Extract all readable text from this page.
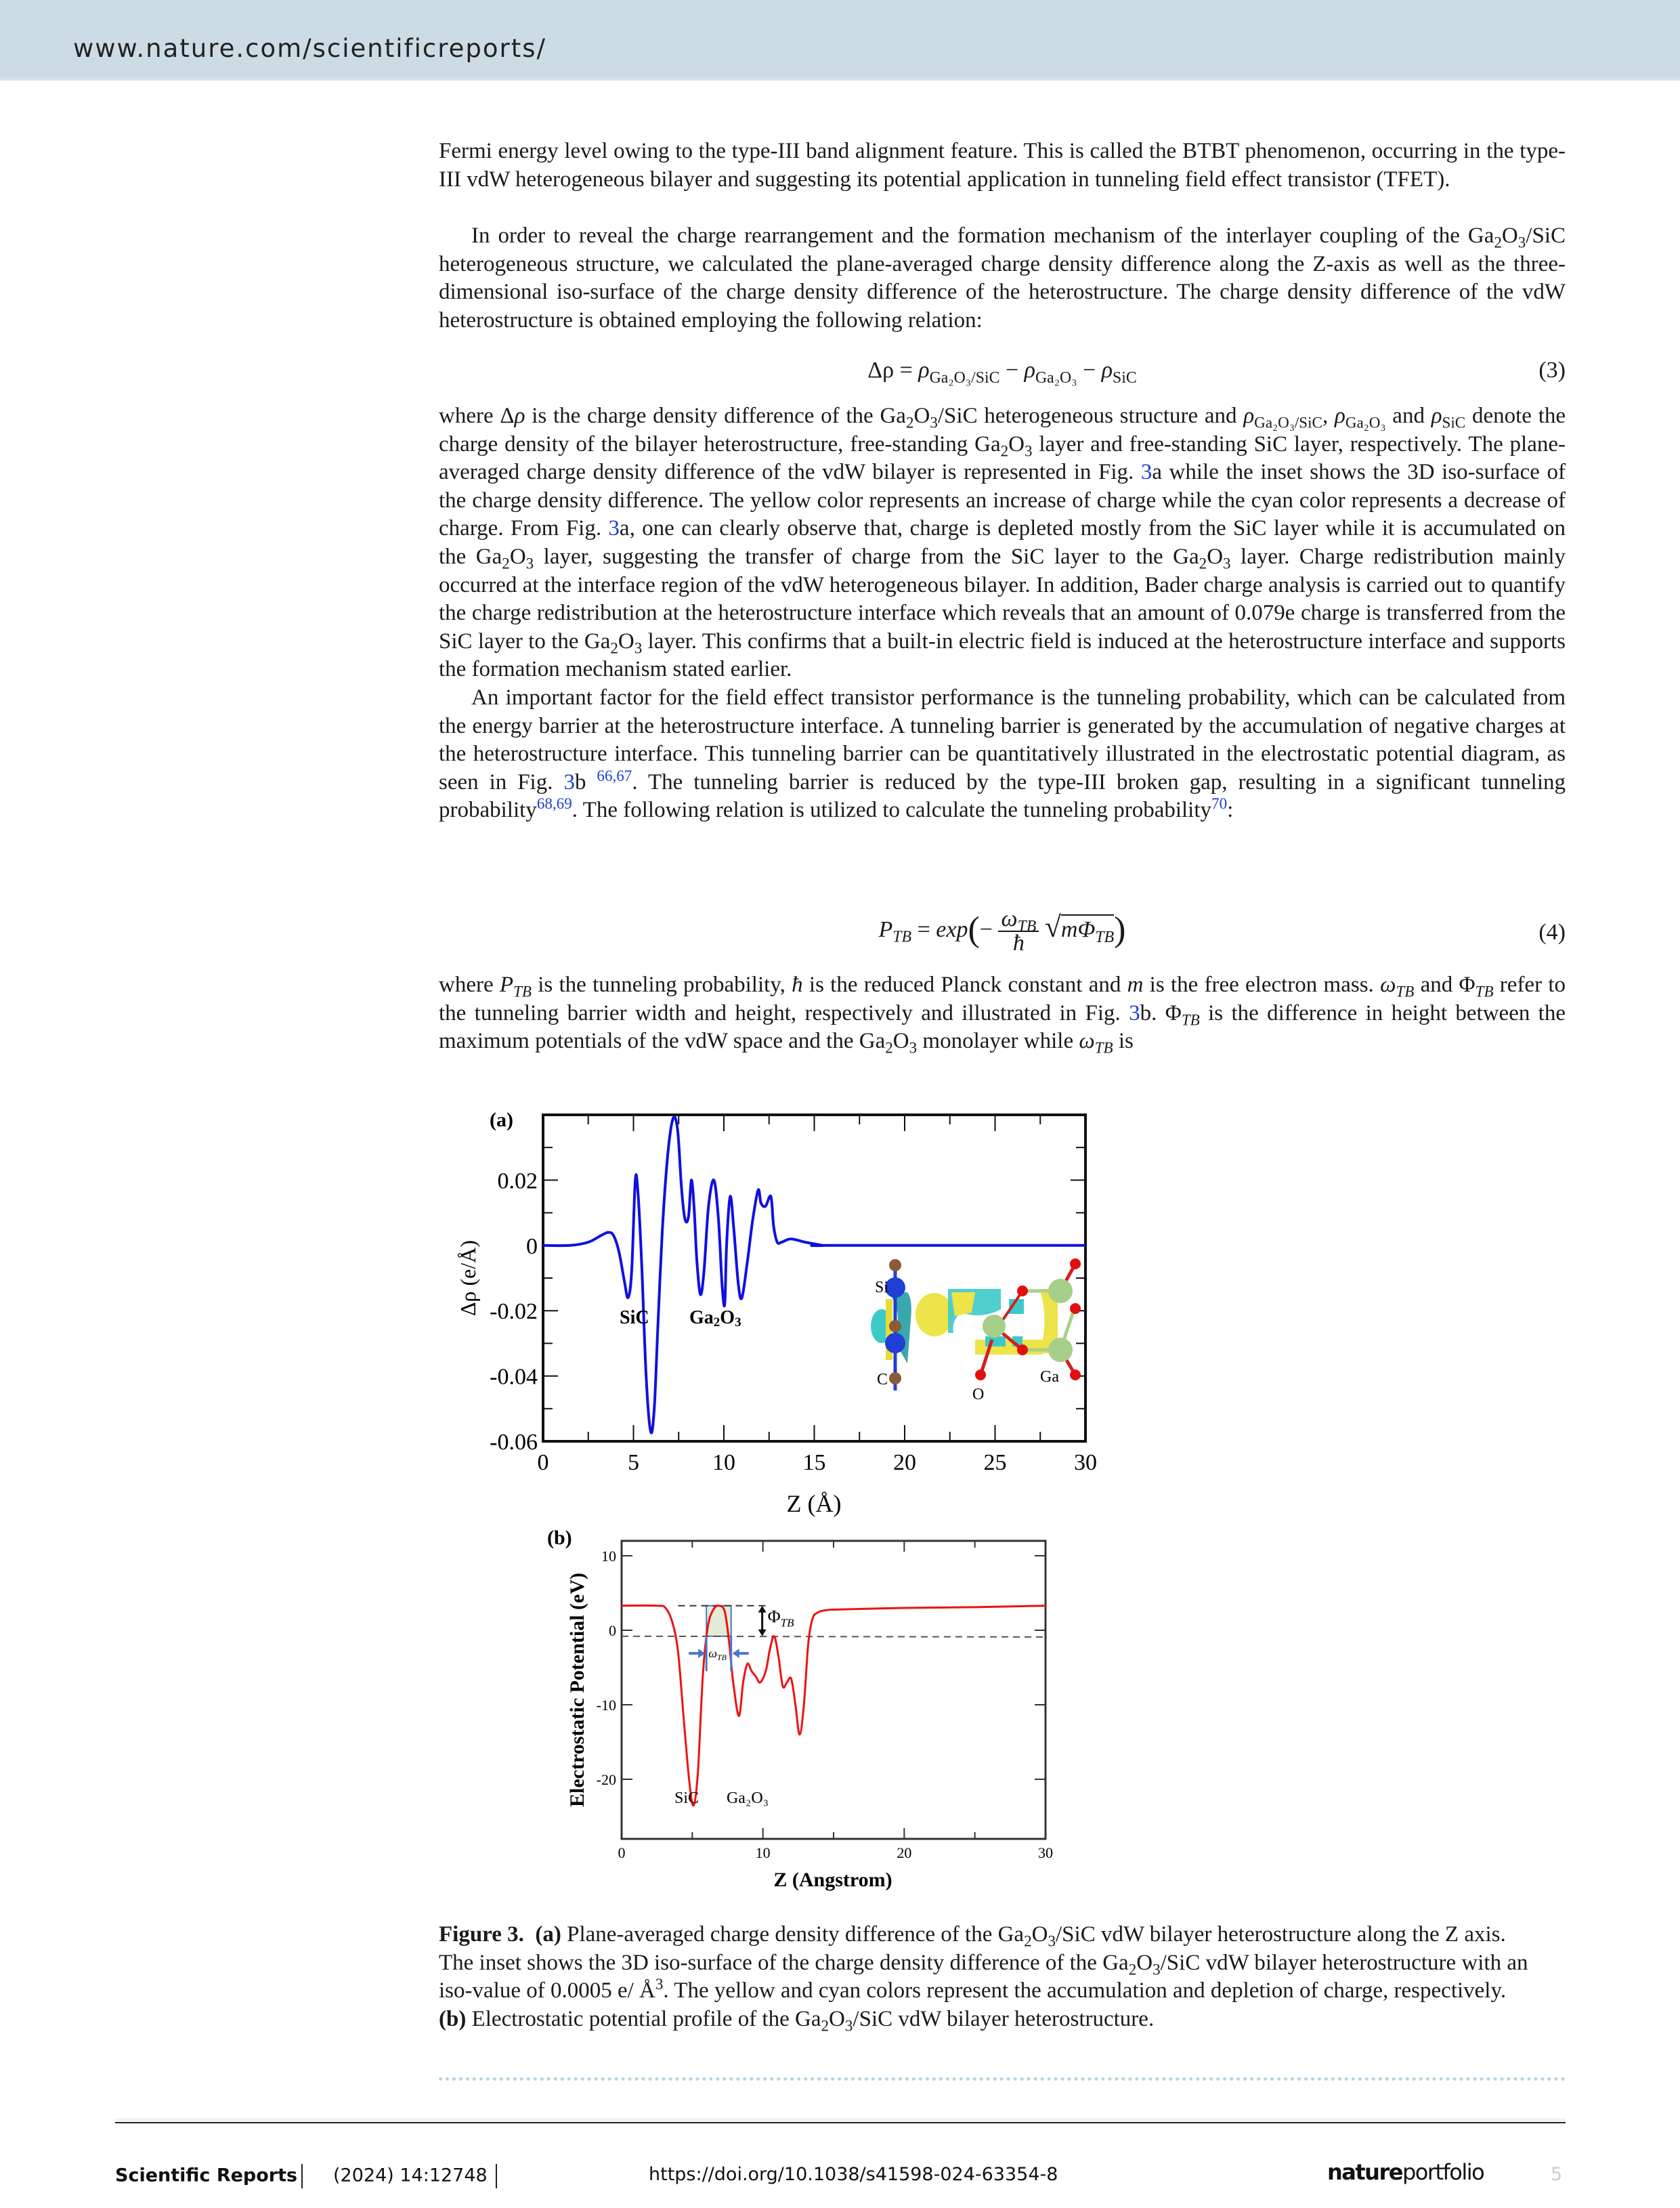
www.nature.com/scientificreports/

Fermi energy level owing to the type-III band alignment feature. This is called the BTBT phenomenon, occurring in the type-III vdW heterogeneous bilayer and suggesting its potential application in tunneling field effect transistor (TFET).

In order to reveal the charge rearrangement and the formation mechanism of the interlayer coupling of the $Ga_2O_3$/SiC heterogeneous structure, we calculated the plane-averaged charge density difference along the Z-axis as well as the three-dimensional iso-surface of the charge density difference of the heterostructure. The charge density difference of the vdW heterostructure is obtained employing the following relation:

$\Delta\rho = \rho_{Ga_2O_3/SiC} - \rho_{Ga_2O_3} - \rho_{SiC}$	(3)

where Δρ is the charge density difference of the $Ga_2O_3$/SiC heterogeneous structure and $\rho_{Ga_2O_3/SiC}$, $\rho_{Ga_2O_3}$ and $\rho_{SiC}$ denote the charge density of the bilayer heterostructure, free-standing $Ga_2O_3$ layer and free-standing SiC layer, respectively. The plane-averaged charge density difference of the vdW bilayer is represented in Fig. 3a while the inset shows the 3D iso-surface of the charge density difference. The yellow color represents an increase of charge while the cyan color represents a decrease of charge. From Fig. 3a, one can clearly observe that, charge is depleted mostly from the SiC layer while it is accumulated on the $Ga_2O_3$ layer, suggesting the transfer of charge from the SiC layer to the $Ga_2O_3$ layer. Charge redistribution mainly occurred at the interface region of the vdW heterogeneous bilayer. In addition, Bader charge analysis is carried out to quantify the charge redistribution at the heterostructure interface which reveals that an amount of 0.079e charge is transferred from the SiC layer to the $Ga_2O_3$ layer. This confirms that a built-in electric field is induced at the heterostructure interface and supports the formation mechanism stated earlier.

An important factor for the field effect transistor performance is the tunneling probability, which can be calculated from the energy barrier at the heterostructure interface. A tunneling barrier is generated by the accumulation of negative charges at the heterostructure interface. This tunneling barrier can be quantitatively illustrated in the electrostatic potential diagram, as seen in Fig. 3b $^{66,67}$. The tunneling barrier is reduced by the type-III broken gap, resulting in a significant tunneling probability$^{68,69}$. The following relation is utilized to calculate the tunneling probability$^{70}$:

$P_{TB} = \exp(- \omega_{TB}$
ħ $√m\Phi_{TB}$)	(4)

where $P_{TB}$ is the tunneling probability, ħ is the reduced Planck constant and m is the free electron mass. $\omega_{TB}$ and $\Phi_{TB}$ refer to the tunneling barrier width and height, respectively and illustrated in Fig. 3b. $\Phi_{TB}$ is the difference in height between the maximum potentials of the vdW space and the $Ga_2O_3$ monolayer while $\omega_{TB}$ is

(a)
0	5	10	15	20	25	30
-0.06
-0.04
-0.02
0
0.02
Δρ (e/Å)
Z (Å)
SiC Ga2O3
Si
C
O
Ga
(b)
0	10	20	30
-20
-10
0
10
Electrostatic Potential (eV)
Z (Angstrom)
$\Phi_{TB}$
$\omega_{TB}$
SiC Ga₂O₃
Figure 3. (a) Plane-averaged charge density difference of the $Ga_2O_3$/SiC vdW bilayer heterostructure along the Z axis. The inset shows the 3D iso-surface of the charge density difference of the $Ga_2O_3$/SiC vdW bilayer heterostructure with an iso-value of 0.0005 e/ $Å^3$. The yellow and cyan colors represent the accumulation and depletion of charge, respectively. (b) Electrostatic potential profile of the $Ga_2O_3$/SiC vdW bilayer heterostructure.
Scientific Reports (2024) 14:12748	https://doi.org/10.1038/s41598-024-63354-8	natureportfolio	5
